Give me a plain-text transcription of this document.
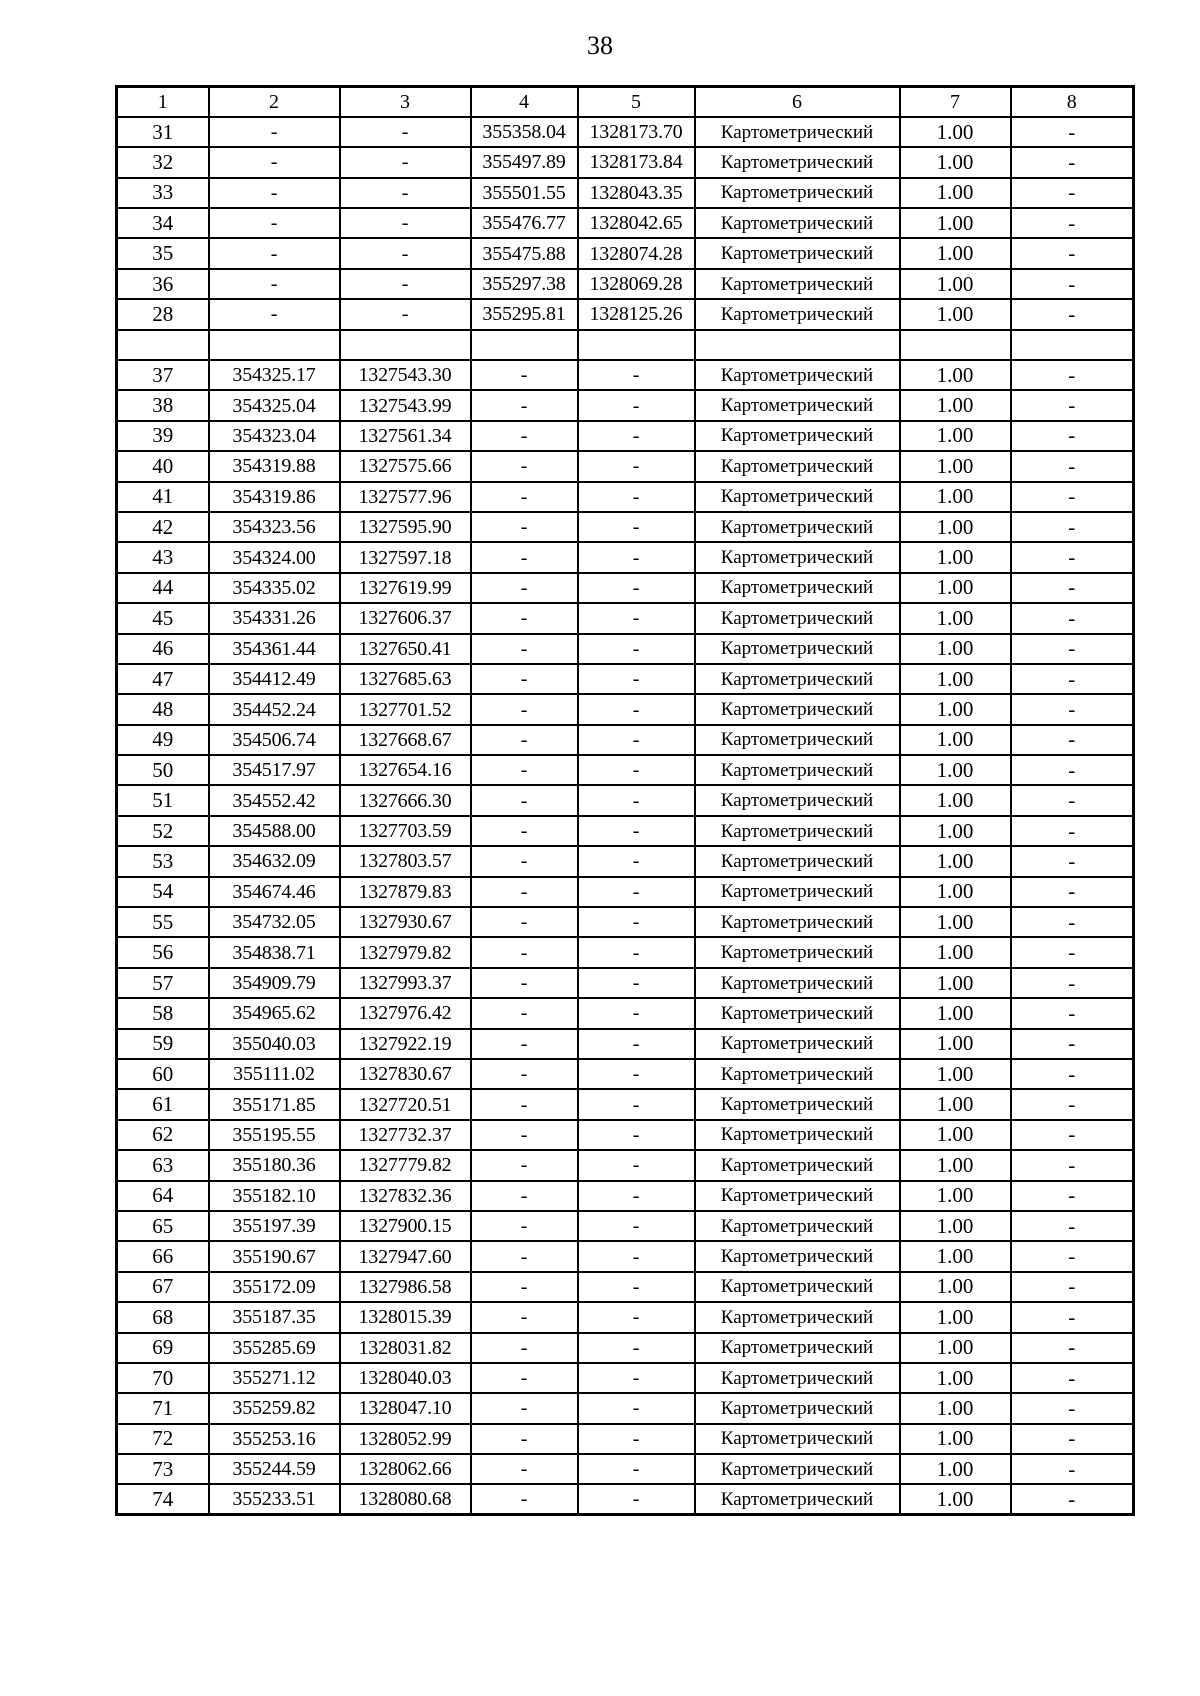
38
1	2	3	4	5	6	7	8
31	-	-	355358.04	1328173.70	Картометрический	1.00	-
32	-	-	355497.89	1328173.84	Картометрический	1.00	-
33	-	-	355501.55	1328043.35	Картометрический	1.00	-
34	-	-	355476.77	1328042.65	Картометрический	1.00	-
35	-	-	355475.88	1328074.28	Картометрический	1.00	-
36	-	-	355297.38	1328069.28	Картометрический	1.00	-
28	-	-	355295.81	1328125.26	Картометрический	1.00	-

37	354325.17	1327543.30	-	-	Картометрический	1.00	-
38	354325.04	1327543.99	-	-	Картометрический	1.00	-
39	354323.04	1327561.34	-	-	Картометрический	1.00	-
40	354319.88	1327575.66	-	-	Картометрический	1.00	-
41	354319.86	1327577.96	-	-	Картометрический	1.00	-
42	354323.56	1327595.90	-	-	Картометрический	1.00	-
43	354324.00	1327597.18	-	-	Картометрический	1.00	-
44	354335.02	1327619.99	-	-	Картометрический	1.00	-
45	354331.26	1327606.37	-	-	Картометрический	1.00	-
46	354361.44	1327650.41	-	-	Картометрический	1.00	-
47	354412.49	1327685.63	-	-	Картометрический	1.00	-
48	354452.24	1327701.52	-	-	Картометрический	1.00	-
49	354506.74	1327668.67	-	-	Картометрический	1.00	-
50	354517.97	1327654.16	-	-	Картометрический	1.00	-
51	354552.42	1327666.30	-	-	Картометрический	1.00	-
52	354588.00	1327703.59	-	-	Картометрический	1.00	-
53	354632.09	1327803.57	-	-	Картометрический	1.00	-
54	354674.46	1327879.83	-	-	Картометрический	1.00	-
55	354732.05	1327930.67	-	-	Картометрический	1.00	-
56	354838.71	1327979.82	-	-	Картометрический	1.00	-
57	354909.79	1327993.37	-	-	Картометрический	1.00	-
58	354965.62	1327976.42	-	-	Картометрический	1.00	-
59	355040.03	1327922.19	-	-	Картометрический	1.00	-
60	355111.02	1327830.67	-	-	Картометрический	1.00	-
61	355171.85	1327720.51	-	-	Картометрический	1.00	-
62	355195.55	1327732.37	-	-	Картометрический	1.00	-
63	355180.36	1327779.82	-	-	Картометрический	1.00	-
64	355182.10	1327832.36	-	-	Картометрический	1.00	-
65	355197.39	1327900.15	-	-	Картометрический	1.00	-
66	355190.67	1327947.60	-	-	Картометрический	1.00	-
67	355172.09	1327986.58	-	-	Картометрический	1.00	-
68	355187.35	1328015.39	-	-	Картометрический	1.00	-
69	355285.69	1328031.82	-	-	Картометрический	1.00	-
70	355271.12	1328040.03	-	-	Картометрический	1.00	-
71	355259.82	1328047.10	-	-	Картометрический	1.00	-
72	355253.16	1328052.99	-	-	Картометрический	1.00	-
73	355244.59	1328062.66	-	-	Картометрический	1.00	-
74	355233.51	1328080.68	-	-	Картометрический	1.00	-
